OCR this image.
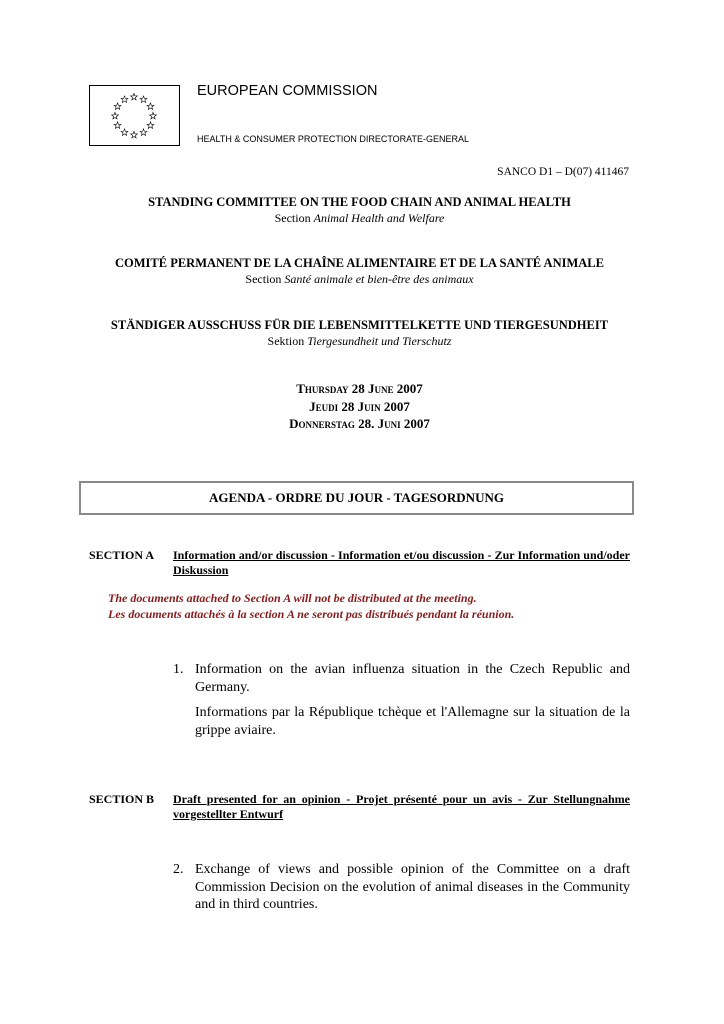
EUROPEAN COMMISSION
HEALTH & CONSUMER PROTECTION DIRECTORATE-GENERAL
SANCO D1 – D(07) 411467
STANDING COMMITTEE ON THE FOOD CHAIN AND ANIMAL HEALTH
Section Animal Health and Welfare
COMITÉ PERMANENT DE LA CHAÎNE ALIMENTAIRE ET DE LA SANTÉ ANIMALE
Section Santé animale et bien-être des animaux
STÄNDIGER AUSSCHUSS FÜR DIE LEBENSMITTELKETTE UND TIERGESUNDHEIT
Sektion Tiergesundheit und Tierschutz
Thursday 28 June 2007
Jeudi 28 Juin 2007
Donnerstag 28. Juni 2007
AGENDA - ORDRE DU JOUR - TAGESORDNUNG
SECTION A Information and/or discussion - Information et/ou discussion - Zur Information und/oder Diskussion
The documents attached to Section A will not be distributed at the meeting.
Les documents attachés à la section A ne seront pas distribués pendant la réunion.
1. Information on the avian influenza situation in the Czech Republic and Germany.

Informations par la République tchèque et l'Allemagne sur la situation de la grippe aviaire.

SECTION B Draft presented for an opinion - Projet présenté pour un avis - Zur Stellungnahme vorgestellter Entwurf
2. Exchange of views and possible opinion of the Committee on a draft Commission Decision on the evolution of animal diseases in the Community and in third countries.
